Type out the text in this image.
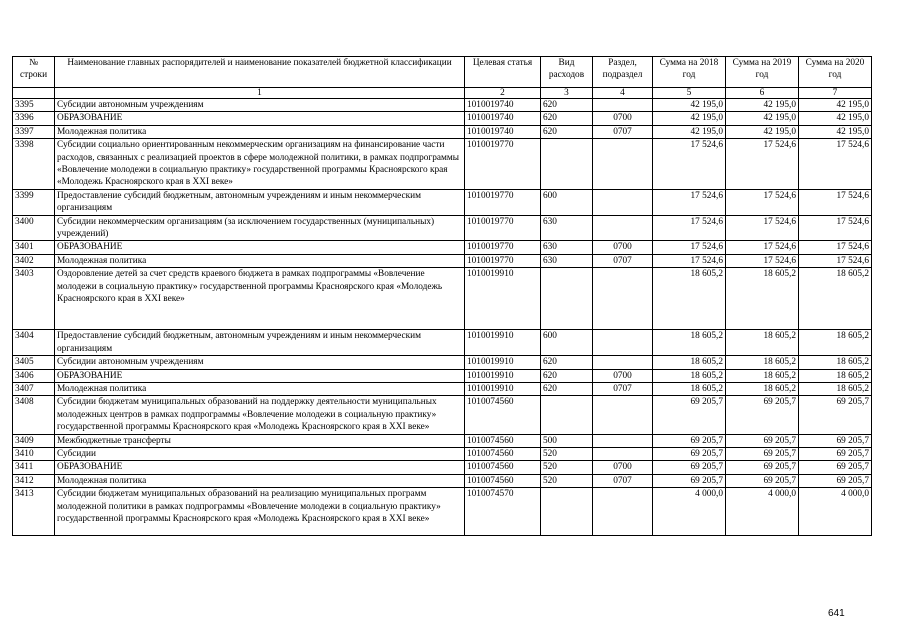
№ строки	Наименование главных распорядителей и наименование показателей бюджетной классификации	Целевая статья	Вид расходов	Раздел, подраздел	Сумма на 2018 год	Сумма на 2019 год	Сумма на 2020 год
	1	2	3	4	5	6	7
3395	Субсидии автономным учреждениям	1010019740	620		42 195,0	42 195,0	42 195,0
3396	ОБРАЗОВАНИЕ	1010019740	620	0700	42 195,0	42 195,0	42 195,0
3397	Молодежная политика	1010019740	620	0707	42 195,0	42 195,0	42 195,0
3398	Субсидии социально ориентированным некоммерческим организациям на финансирование части расходов, связанных с реализацией проектов в сфере молодежной политики, в рамках подпрограммы «Вовлечение молодежи в социальную практику» государственной программы Красноярского края «Молодежь Красноярского края в XXI веке»	1010019770			17 524,6	17 524,6	17 524,6
3399	Предоставление субсидий бюджетным, автономным учреждениям и иным некоммерческим организациям	1010019770	600		17 524,6	17 524,6	17 524,6
3400	Субсидии некоммерческим организациям (за исключением государственных (муниципальных) учреждений)	1010019770	630		17 524,6	17 524,6	17 524,6
3401	ОБРАЗОВАНИЕ	1010019770	630	0700	17 524,6	17 524,6	17 524,6
3402	Молодежная политика	1010019770	630	0707	17 524,6	17 524,6	17 524,6
3403	Оздоровление детей за счет средств краевого бюджета в рамках подпрограммы «Вовлечение молодежи в социальную практику» государственной программы Красноярского края «Молодежь Красноярского края в XXI веке»	1010019910			18 605,2	18 605,2	18 605,2
3404	Предоставление субсидий бюджетным, автономным учреждениям и иным некоммерческим организациям	1010019910	600		18 605,2	18 605,2	18 605,2
3405	Субсидии автономным учреждениям	1010019910	620		18 605,2	18 605,2	18 605,2
3406	ОБРАЗОВАНИЕ	1010019910	620	0700	18 605,2	18 605,2	18 605,2
3407	Молодежная политика	1010019910	620	0707	18 605,2	18 605,2	18 605,2
3408	Субсидии бюджетам муниципальных образований на поддержку деятельности муниципальных молодежных центров в рамках подпрограммы «Вовлечение молодежи в социальную практику» государственной программы Красноярского края «Молодежь Красноярского края в XXI веке»	1010074560			69 205,7	69 205,7	69 205,7
3409	Межбюджетные трансферты	1010074560	500		69 205,7	69 205,7	69 205,7
3410	Субсидии	1010074560	520		69 205,7	69 205,7	69 205,7
3411	ОБРАЗОВАНИЕ	1010074560	520	0700	69 205,7	69 205,7	69 205,7
3412	Молодежная политика	1010074560	520	0707	69 205,7	69 205,7	69 205,7
3413	Субсидии бюджетам муниципальных образований на реализацию муниципальных программ молодежной политики в рамках подпрограммы «Вовлечение молодежи в социальную практику» государственной программы Красноярского края «Молодежь Красноярского края в XXI веке»	1010074570			4 000,0	4 000,0	4 000,0
641
